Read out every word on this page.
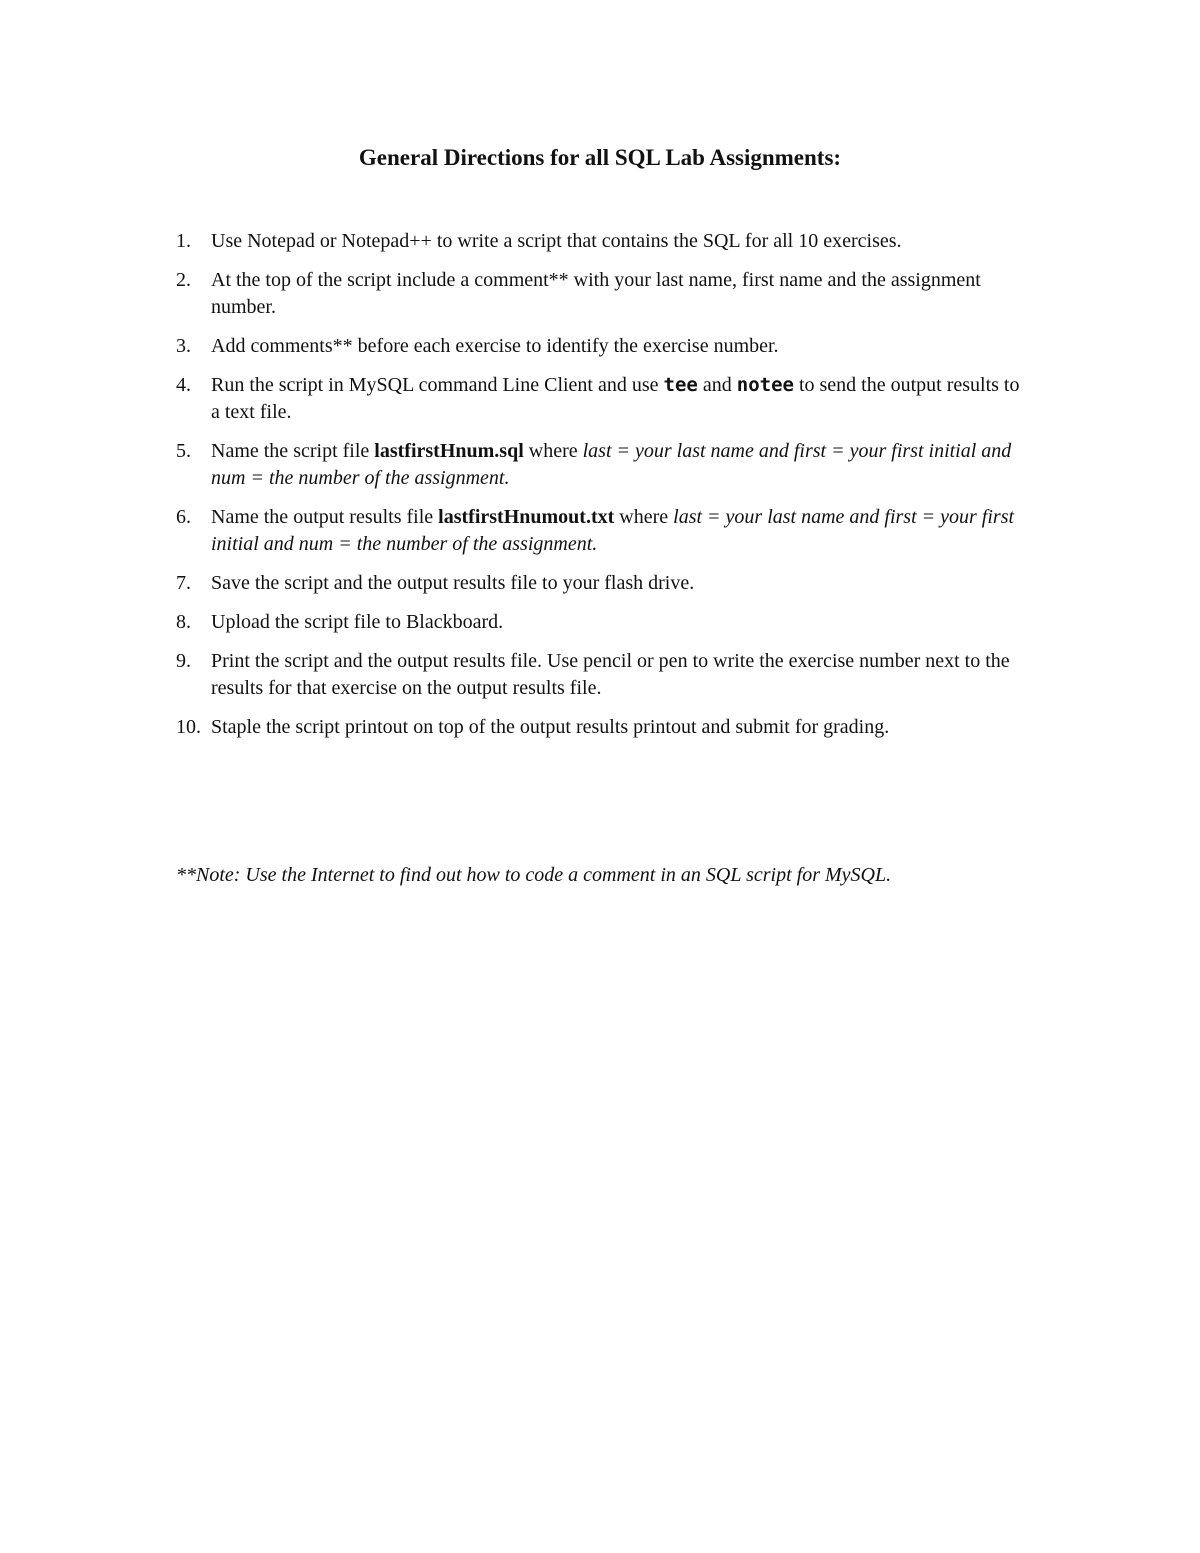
General Directions for all SQL Lab Assignments:
1. Use Notepad or Notepad++ to write a script that contains the SQL for all 10 exercises.
2. At the top of the script include a comment** with your last name, first name and the assignment number.
3. Add comments** before each exercise to identify the exercise number.
4. Run the script in MySQL command Line Client and use tee and notee to send the output results to a text file.
5. Name the script file lastfirstHnum.sql where last = your last name and first = your first initial and num = the number of the assignment.
6. Name the output results file lastfirstHnumout.txt where last = your last name and first = your first initial and num = the number of the assignment.
7. Save the script and the output results file to your flash drive.
8. Upload the script file to Blackboard.
9. Print the script and the output results file. Use pencil or pen to write the exercise number next to the results for that exercise on the output results file.
10. Staple the script printout on top of the output results printout and submit for grading.

**Note: Use the Internet to find out how to code a comment in an SQL script for MySQL.
